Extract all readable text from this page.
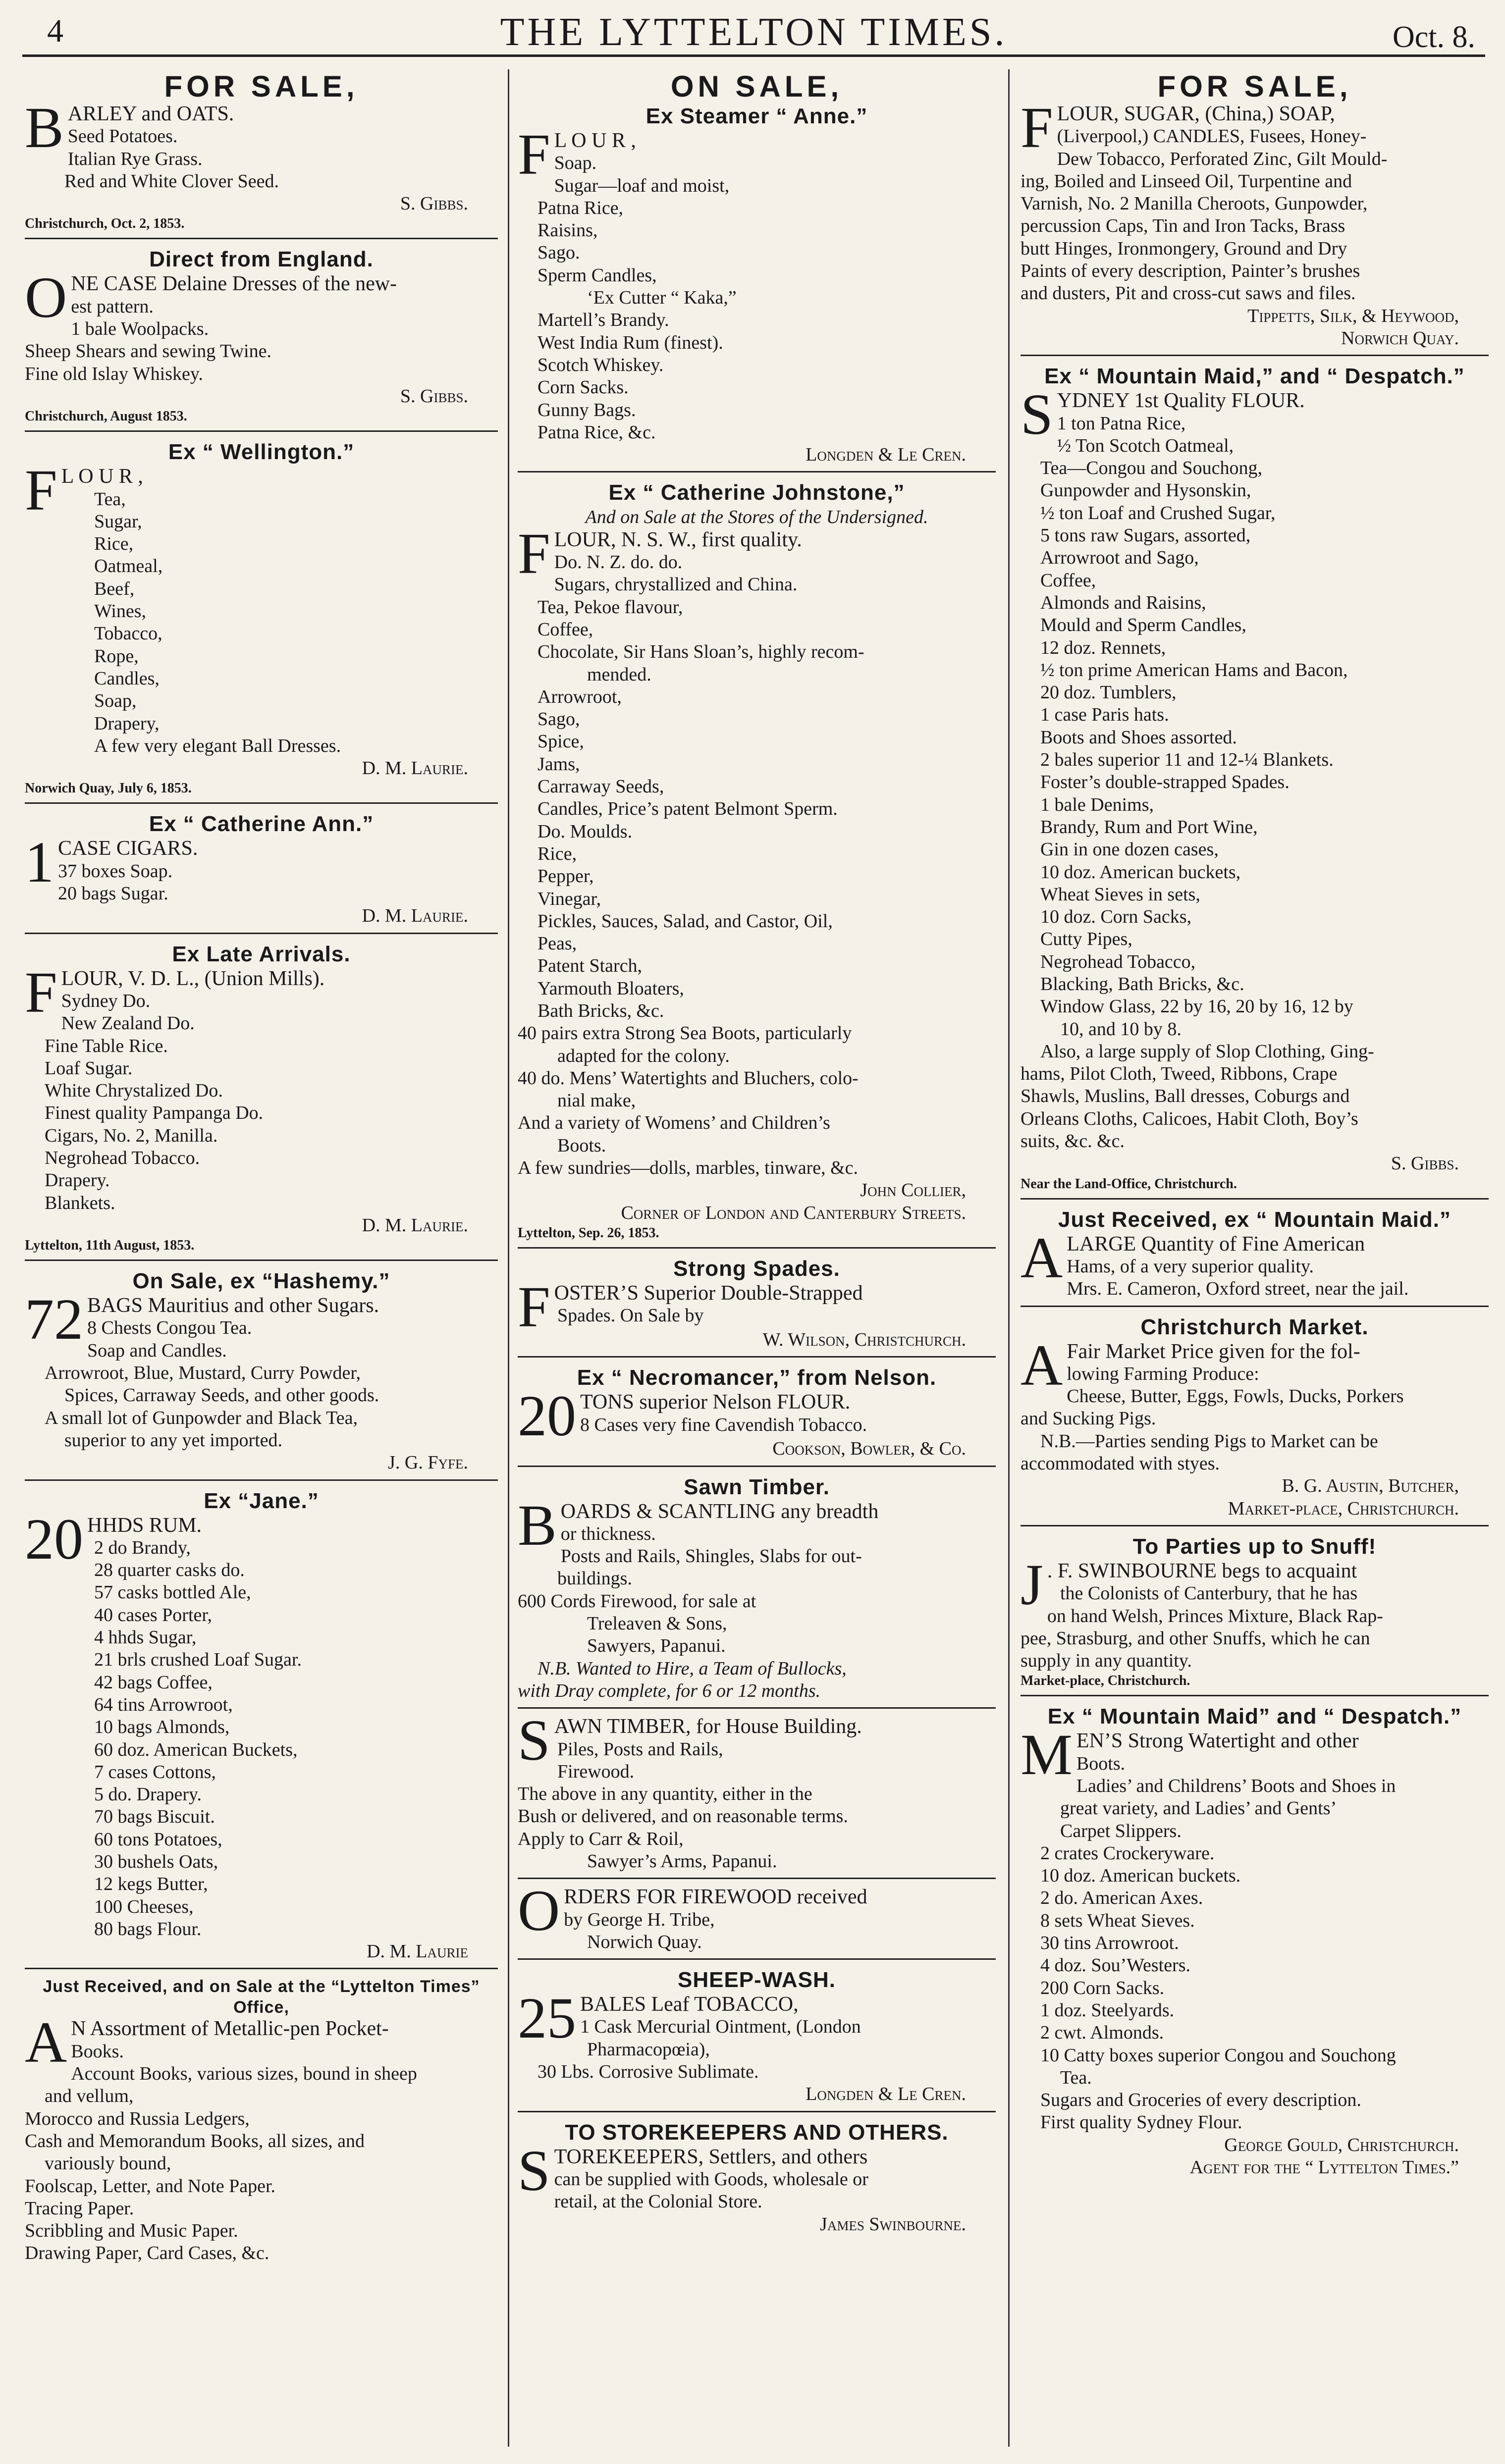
4	THE LYTTELTON TIMES.	Oct. 8.
FOR SALE,
B ARLEY and OATS.
Seed Potatoes.
Italian Rye Grass.
Red and White Clover Seed.
S. Gibbs.
Christchurch, Oct. 2, 1853.
Direct from England.
O NE CASE Delaine Dresses of the new-
est pattern.
1 bale Woolpacks.
Sheep Shears and sewing Twine.
Fine old Islay Whiskey.
S. Gibbs.
Christchurch, August 1853.
Ex “ Wellington.”
F L O U R ,
Tea,
Sugar,
Rice,
Oatmeal,
Beef,
Wines,
Tobacco,
Rope,
Candles,
Soap,
Drapery,
A few very elegant Ball Dresses.
D. M. Laurie.
Norwich Quay, July 6, 1853.
Ex “ Catherine Ann.”
1 CASE CIGARS.
37 boxes Soap.
20 bags Sugar.
D. M. Laurie.
Ex Late Arrivals.
F LOUR, V. D. L., (Union Mills).
Sydney Do.
New Zealand Do.
Fine Table Rice.
Loaf Sugar.
White Chrystalized Do.
Finest quality Pampanga Do.
Cigars, No. 2, Manilla.
Negrohead Tobacco.
Drapery.
Blankets.
D. M. Laurie.
Lyttelton, 11th August, 1853.
On Sale, ex “Hashemy.”
72 BAGS Mauritius and other Sugars.
8 Chests Congou Tea.
Soap and Candles.
Arrowroot, Blue, Mustard, Curry Powder,
Spices, Carraway Seeds, and other goods.
A small lot of Gunpowder and Black Tea,
superior to any yet imported.
J. G. Fyfe.
Ex “Jane.”
20 HHDS RUM.
2 do Brandy,
28 quarter casks do.
57 casks bottled Ale,
40 cases Porter,
4 hhds Sugar,
21 brls crushed Loaf Sugar.
42 bags Coffee,
64 tins Arrowroot,
10 bags Almonds,
60 doz. American Buckets,
7 cases Cottons,
5 do. Drapery.
70 bags Biscuit.
60 tons Potatoes,
30 bushels Oats,
12 kegs Butter,
100 Cheeses,
80 bags Flour.
D. M. Laurie
Just Received, and on Sale at the “Lyttelton Times” Office,
A N Assortment of Metallic-pen Pocket-
Books.
Account Books, various sizes, bound in sheep
and vellum,
Morocco and Russia Ledgers,
Cash and Memorandum Books, all sizes, and
variously bound,
Foolscap, Letter, and Note Paper.
Tracing Paper.
Scribbling and Music Paper.
Drawing Paper, Card Cases, &c.
ON SALE,
Ex Steamer “ Anne.”
F L O U R ,
Soap.
Sugar—loaf and moist,
Patna Rice,
Raisins,
Sago.
Sperm Candles,
‘Ex Cutter “ Kaka,”
Martell’s Brandy.
West India Rum (finest).
Scotch Whiskey.
Corn Sacks.
Gunny Bags.
Patna Rice, &c.
Longden & Le Cren.
Ex “ Catherine Johnstone,”
And on Sale at the Stores of the Undersigned.
F LOUR, N. S. W., first quality.
Do. N. Z. do. do.
Sugars, chrystallized and China.
Tea, Pekoe flavour,
Coffee,
Chocolate, Sir Hans Sloan’s, highly recom-
mended.
Arrowroot,
Sago,
Spice,
Jams,
Carraway Seeds,
Candles, Price’s patent Belmont Sperm.
Do. Moulds.
Rice,
Pepper,
Vinegar,
Pickles, Sauces, Salad, and Castor, Oil,
Peas,
Patent Starch,
Yarmouth Bloaters,
Bath Bricks, &c.
40 pairs extra Strong Sea Boots, particularly
adapted for the colony.
40 do. Mens’ Watertights and Bluchers, colo-
nial make,
And a variety of Womens’ and Children’s
Boots.
A few sundries—dolls, marbles, tinware, &c.
John Collier,
Corner of London and Canterbury Streets.
Lyttelton, Sep. 26, 1853.
Strong Spades.
F OSTER’S Superior Double-Strapped
Spades. On Sale by
W. Wilson, Christchurch.
Ex “ Necromancer,” from Nelson.
20 TONS superior Nelson FLOUR.
8 Cases very fine Cavendish Tobacco.
Cookson, Bowler, & Co.
Sawn Timber.
B OARDS & SCANTLING any breadth
or thickness.
Posts and Rails, Shingles, Slabs for out-
buildings.
600 Cords Firewood, for sale at
Treleaven & Sons,
Sawyers, Papanui.
N.B. Wanted to Hire, a Team of Bullocks,
with Dray complete, for 6 or 12 months.
S AWN TIMBER, for House Building.
Piles, Posts and Rails,
Firewood.
The above in any quantity, either in the
Bush or delivered, and on reasonable terms.
Apply to Carr & Roil,
Sawyer’s Arms, Papanui.
O RDERS FOR FIREWOOD received
by George H. Tribe,
Norwich Quay.
SHEEP-WASH.
25 BALES Leaf TOBACCO,
1 Cask Mercurial Ointment, (London
Pharmacopœia),
30 Lbs. Corrosive Sublimate.
Longden & Le Cren.
TO STOREKEEPERS AND OTHERS.
S TOREKEEPERS, Settlers, and others
can be supplied with Goods, wholesale or
retail, at the Colonial Store.
James Swinbourne.
FOR SALE,
F LOUR, SUGAR, (China,) SOAP,
(Liverpool,) CANDLES, Fusees, Honey-
Dew Tobacco, Perforated Zinc, Gilt Mould-
ing, Boiled and Linseed Oil, Turpentine and
Varnish, No. 2 Manilla Cheroots, Gunpowder,
percussion Caps, Tin and Iron Tacks, Brass
butt Hinges, Ironmongery, Ground and Dry
Paints of every description, Painter’s brushes
and dusters, Pit and cross-cut saws and files.
Tippetts, Silk, & Heywood,
Norwich Quay.
Ex “ Mountain Maid,” and “ Despatch.”
S YDNEY 1st Quality FLOUR.
1 ton Patna Rice,
½ Ton Scotch Oatmeal,
Tea—Congou and Souchong,
Gunpowder and Hysonskin,
½ ton Loaf and Crushed Sugar,
5 tons raw Sugars, assorted,
Arrowroot and Sago,
Coffee,
Almonds and Raisins,
Mould and Sperm Candles,
12 doz. Rennets,
½ ton prime American Hams and Bacon,
20 doz. Tumblers,
1 case Paris hats.
Boots and Shoes assorted.
2 bales superior 11 and 12-¼ Blankets.
Foster’s double-strapped Spades.
1 bale Denims,
Brandy, Rum and Port Wine,
Gin in one dozen cases,
10 doz. American buckets,
Wheat Sieves in sets,
10 doz. Corn Sacks,
Cutty Pipes,
Negrohead Tobacco,
Blacking, Bath Bricks, &c.
Window Glass, 22 by 16, 20 by 16, 12 by
10, and 10 by 8.
Also, a large supply of Slop Clothing, Ging-
hams, Pilot Cloth, Tweed, Ribbons, Crape
Shawls, Muslins, Ball dresses, Coburgs and
Orleans Cloths, Calicoes, Habit Cloth, Boy’s
suits, &c. &c.
S. Gibbs.
Near the Land-Office, Christchurch.
Just Received, ex “ Mountain Maid.”
A LARGE Quantity of Fine American
Hams, of a very superior quality.
Mrs. E. Cameron, Oxford street, near the jail.
Christchurch Market.
A Fair Market Price given for the fol-
lowing Farming Produce:
Cheese, Butter, Eggs, Fowls, Ducks, Porkers
and Sucking Pigs.
N.B.—Parties sending Pigs to Market can be
accommodated with styes.
B. G. Austin, Butcher,
Market-place, Christchurch.
To Parties up to Snuff!
J . F. SWINBOURNE begs to acquaint
the Colonists of Canterbury, that he has
on hand Welsh, Princes Mixture, Black Rap-
pee, Strasburg, and other Snuffs, which he can
supply in any quantity.
Market-place, Christchurch.
Ex “ Mountain Maid” and “ Despatch.”
M EN’S Strong Watertight and other
Boots.
Ladies’ and Childrens’ Boots and Shoes in
great variety, and Ladies’ and Gents’
Carpet Slippers.
2 crates Crockeryware.
10 doz. American buckets.
2 do. American Axes.
8 sets Wheat Sieves.
30 tins Arrowroot.
4 doz. Sou’Westers.
200 Corn Sacks.
1 doz. Steelyards.
2 cwt. Almonds.
10 Catty boxes superior Congou and Souchong
Tea.
Sugars and Groceries of every description.
First quality Sydney Flour.
George Gould, Christchurch.
Agent for the “ Lyttelton Times.”
